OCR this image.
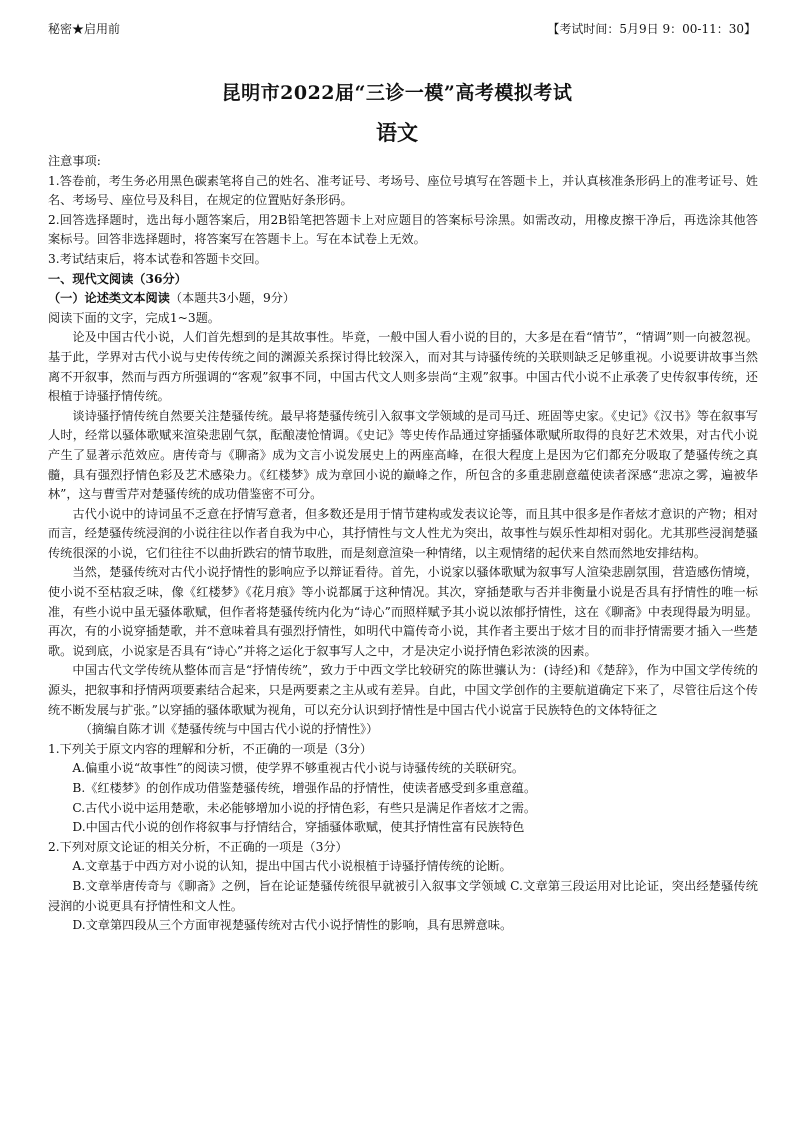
秘密★启用前	【考试时间：5月9日 9：00-11：30】
昆明市2022届“三诊一模”高考模拟考试
语文

注意事项:

1.答卷前，考生务必用黑色碳素笔将自己的姓名、准考证号、考场号、座位号填写在答题卡上，并认真核准条形码上的准考证号、姓名、考场号、座位号及科目，在规定的位置贴好条形码。

2.回答选择题时，选出每小题答案后，用2B铅笔把答题卡上对应题目的答案标号涂黑。如需改动，用橡皮擦干净后，再选涂其他答案标号。回答非选择题时，将答案写在答题卡上。写在本试卷上无效。

3.考试结束后，将本试卷和答题卡交回。

一、现代文阅读（36分）

（一）论述类文本阅读（本题共3小题，9分）

阅读下面的文字，完成1~3题。

论及中国古代小说，人们首先想到的是其故事性。毕竟，一般中国人看小说的目的，大多是在看“情节”，“情调”则一向被忽视。基于此，学界对古代小说与史传传统之间的渊源关系探讨得比较深入，而对其与诗骚传统的关联则缺乏足够重视。小说要讲故事当然离不开叙事，然而与西方所强调的“客观”叙事不同，中国古代文人则多崇尚“主观”叙事。中国古代小说不止承袭了史传叙事传统，还根植于诗骚抒情传统。

谈诗骚抒情传统自然要关注楚骚传统。最早将楚骚传统引入叙事文学领域的是司马迁、班固等史家。《史记》《汉书》等在叙事写人时，经常以骚体歌赋来渲染悲剧气氛，酝酿凄怆情调。《史记》等史传作品通过穿插骚体歌赋所取得的良好艺术效果，对古代小说产生了显著示范效应。唐传奇与《聊斋》成为文言小说发展史上的两座高峰，在很大程度上是因为它们都充分吸取了楚骚传统之真髓，具有强烈抒情色彩及艺术感染力。《红楼梦》成为章回小说的巅峰之作，所包含的多重悲剧意蕴使读者深感“悲凉之雾，遍被华林”，这与曹雪芹对楚骚传统的成功借鉴密不可分。

古代小说中的诗词虽不乏意在抒情写意者，但多数还是用于情节建构或发表议论等，而且其中很多是作者炫才意识的产物；相对而言，经楚骚传统浸润的小说往往以作者自我为中心，其抒情性与文人性尤为突出，故事性与娱乐性却相对弱化。尤其那些浸润楚骚传统很深的小说，它们往往不以曲折跌宕的情节取胜，而是刻意渲染一种情绪，以主观情绪的起伏来自然而然地安排结构。

当然，楚骚传统对古代小说抒情性的影响应予以辩证看待。首先，小说家以骚体歌赋为叙事写人渲染悲剧氛围，营造感伤情境，使小说不至枯寂乏味，像《红楼梦》《花月痕》等小说都属于这种情况。其次，穿插楚歌与否并非衡量小说是否具有抒情性的唯一标准，有些小说中虽无骚体歌赋，但作者将楚骚传统内化为“诗心”而照样赋予其小说以浓郁抒情性，这在《聊斋》中表现得最为明显。再次，有的小说穿插楚歌，并不意味着具有强烈抒情性，如明代中篇传奇小说，其作者主要出于炫才目的而非抒情需要才插入一些楚歌。说到底，小说家是否具有“诗心”并将之运化于叙事写人之中，才是决定小说抒情色彩浓淡的因素。

中国古代文学传统从整体而言是“抒情传统”，致力于中西文学比较研究的陈世骧认为：(诗经)和《楚辞》，作为中国文学传统的源头，把叙事和抒情两项要素结合起来，只是两要素之主从或有差异。自此，中国文学创作的主要航道确定下来了，尽管往后这个传统不断发展与扩张。”以穿插的骚体歌赋为视角，可以充分认识到抒情性是中国古代小说富于民族特色的文体特征之

（摘编自陈才训《楚骚传统与中国古代小说的抒情性》）

1.下列关于原文内容的理解和分析，不正确的一项是（3分）

A.偏重小说“故事性”的阅读习惯，使学界不够重视古代小说与诗骚传统的关联研究。

B.《红楼梦》的创作成功借鉴楚骚传统，增强作品的抒情性，使读者感受到多重意蕴。

C.古代小说中运用楚歌，未必能够增加小说的抒情色彩，有些只是满足作者炫才之需。

D.中国古代小说的创作将叙事与抒情结合，穿插骚体歌赋，使其抒情性富有民族特色

2.下列对原文论证的相关分析，不正确的一项是（3分）

A.文章基于中西方对小说的认知，提出中国古代小说根植于诗骚抒情传统的论断。

B.文章举唐传奇与《聊斋》之例，旨在论证楚骚传统很早就被引入叙事文学领域 C.文章第三段运用对比论证，突出经楚骚传统浸润的小说更具有抒情性和文人性。

D.文章第四段从三个方面审视楚骚传统对古代小说抒情性的影响，具有思辨意味。
